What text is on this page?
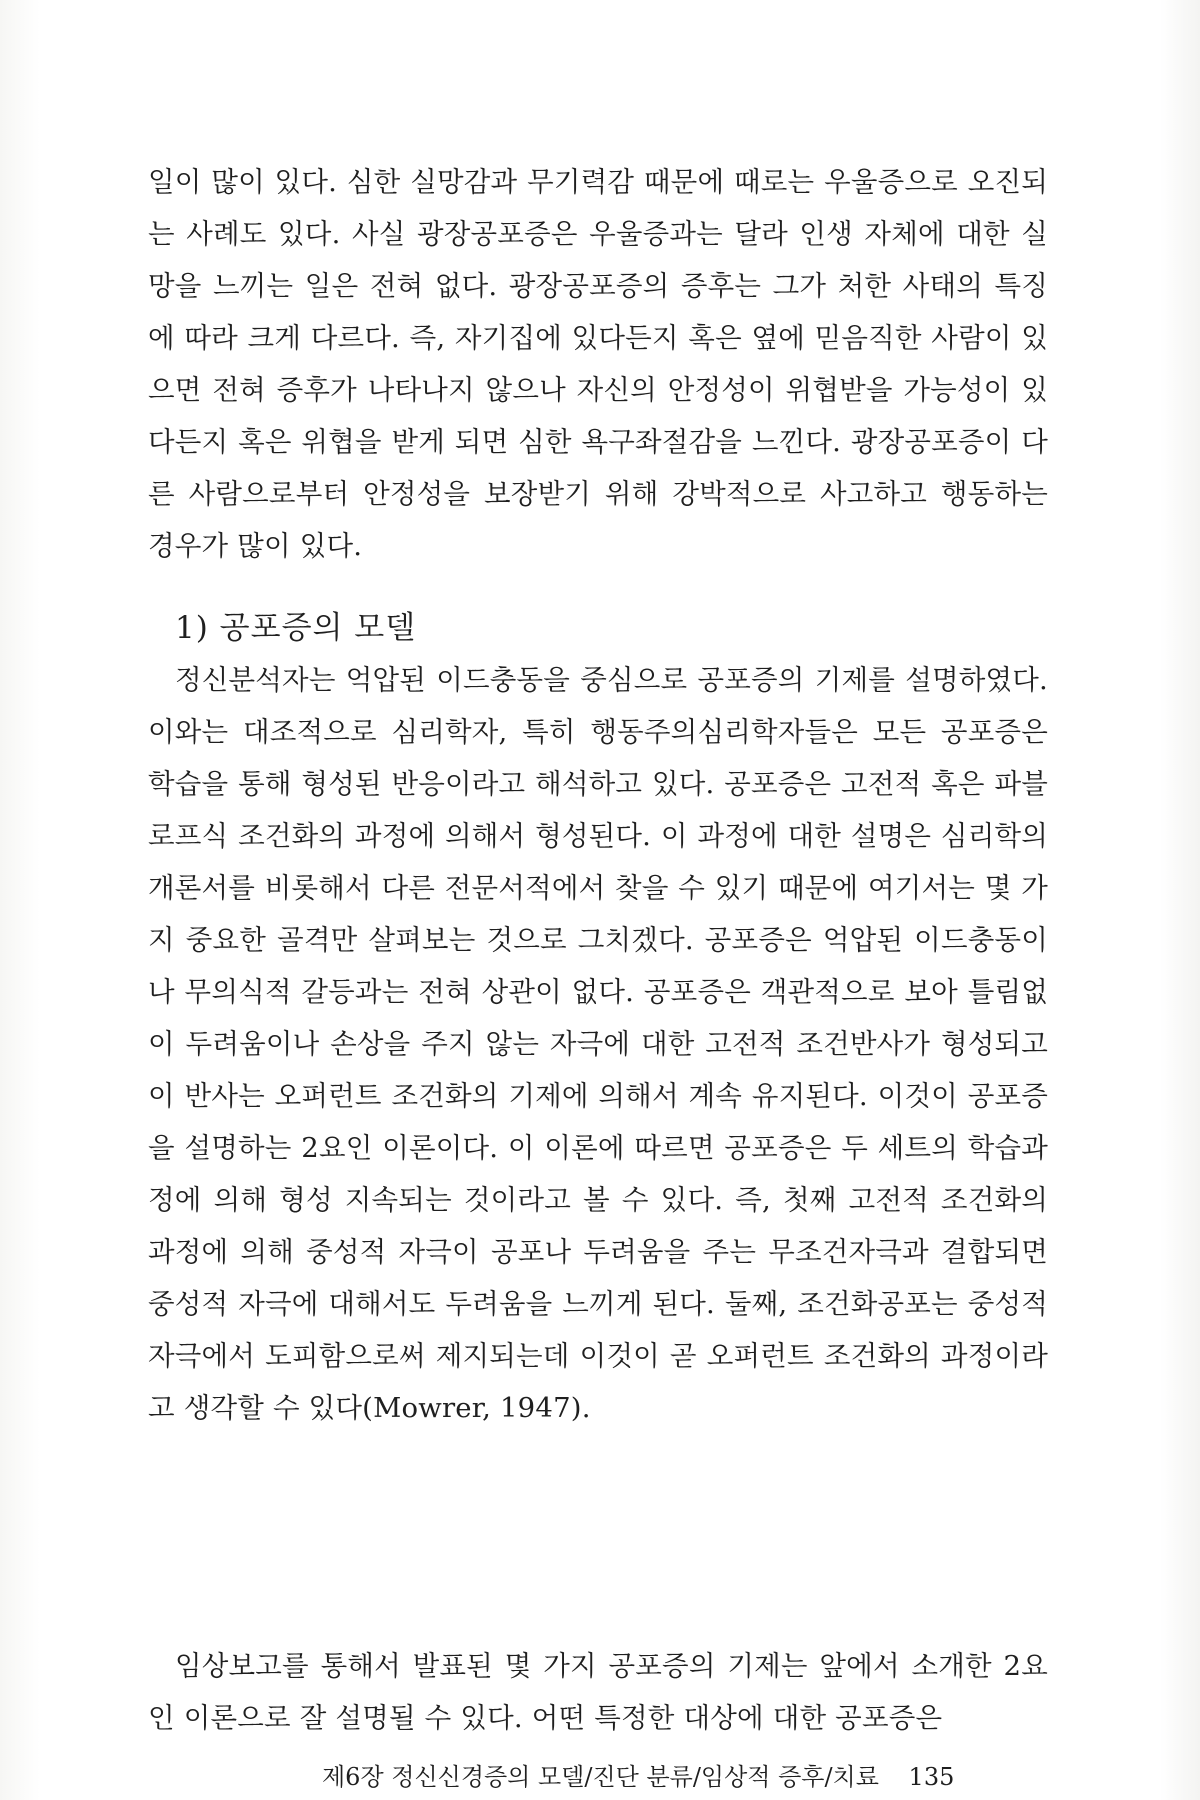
일이 많이 있다. 심한 실망감과 무기력감 때문에 때로는 우울증으로 오진되는 사례도 있다. 사실 광장공포증은 우울증과는 달라 인생 자체에 대한 실망을 느끼는 일은 전혀 없다. 광장공포증의 증후는 그가 처한 사태의 특징에 따라 크게 다르다. 즉, 자기집에 있다든지 혹은 옆에 믿음직한 사람이 있으면 전혀 증후가 나타나지 않으나 자신의 안정성이 위협받을 가능성이 있다든지 혹은 위협을 받게 되면 심한 욕구좌절감을 느낀다. 광장공포증이 다른 사람으로부터 안정성을 보장받기 위해 강박적으로 사고하고 행동하는 경우가 많이 있다.

1) 공포증의 모델

정신분석자는 억압된 이드충동을 중심으로 공포증의 기제를 설명하였다. 이와는 대조적으로 심리학자, 특히 행동주의심리학자들은 모든 공포증은 학습을 통해 형성된 반응이라고 해석하고 있다. 공포증은 고전적 혹은 파블로프식 조건화의 과정에 의해서 형성된다. 이 과정에 대한 설명은 심리학의 개론서를 비롯해서 다른 전문서적에서 찾을 수 있기 때문에 여기서는 몇 가지 중요한 골격만 살펴보는 것으로 그치겠다. 공포증은 억압된 이드충동이나 무의식적 갈등과는 전혀 상관이 없다. 공포증은 객관적으로 보아 틀림없이 두려움이나 손상을 주지 않는 자극에 대한 고전적 조건반사가 형성되고 이 반사는 오퍼런트 조건화의 기제에 의해서 계속 유지된다. 이것이 공포증을 설명하는 2요인 이론이다. 이 이론에 따르면 공포증은 두 세트의 학습과정에 의해 형성 지속되는 것이라고 볼 수 있다. 즉, 첫째 고전적 조건화의 과정에 의해 중성적 자극이 공포나 두려움을 주는 무조건자극과 결합되면 중성적 자극에 대해서도 두려움을 느끼게 된다. 둘째, 조건화공포는 중성적 자극에서 도피함으로써 제지되는데 이것이 곧 오퍼런트 조건화의 과정이라고 생각할 수 있다(Mowrer, 1947).

임상보고를 통해서 발표된 몇 가지 공포증의 기제는 앞에서 소개한 2요인 이론으로 잘 설명될 수 있다. 어떤 특정한 대상에 대한 공포증은

제6장 정신신경증의 모델/진단 분류/임상적 증후/치료 135
